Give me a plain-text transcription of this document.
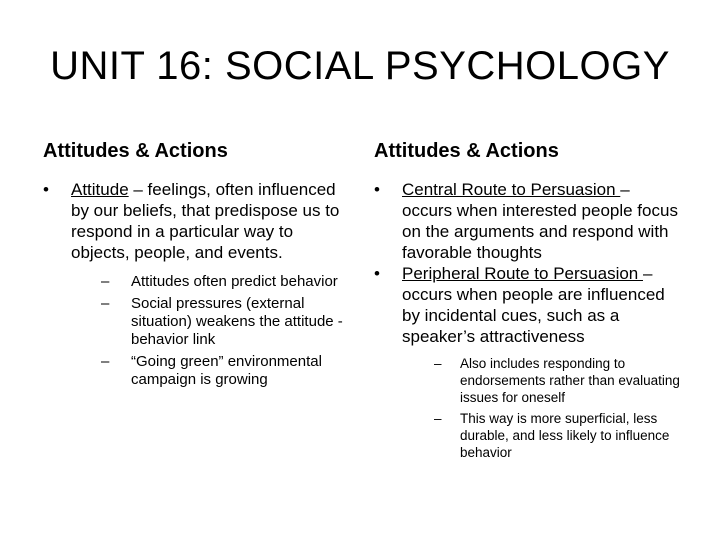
UNIT 16: SOCIAL PSYCHOLOGY
Attitudes & Actions
• Attitude – feelings, often influenced by our beliefs, that predispose us to respond in a particular way to objects, people, and events.
– Attitudes often predict behavior
– Social pressures (external situation) weakens the attitude -behavior link
– “Going green” environmental campaign is growing
Attitudes & Actions
• Central Route to Persuasion – occurs when interested people focus on the arguments and respond with favorable thoughts
• Peripheral Route to Persuasion – occurs when people are influenced by incidental cues, such as a speaker’s attractiveness
– Also includes responding to endorsements rather than evaluating issues for oneself
– This way is more superficial, less durable, and less likely to influence behavior
